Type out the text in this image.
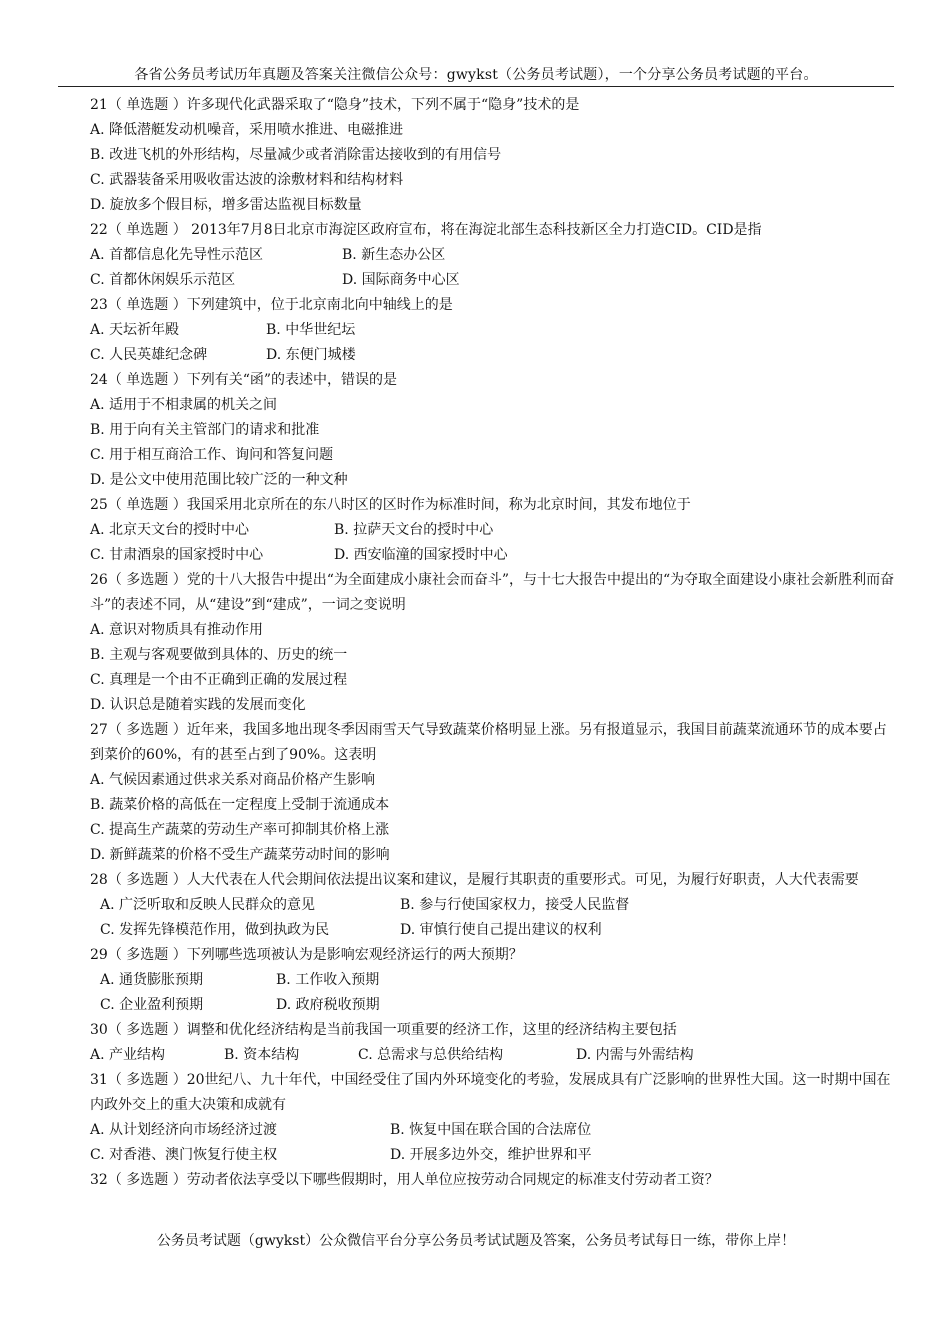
各省公务员考试历年真题及答案关注微信公众号：gwykst（公务员考试题），一个分享公务员考试题的平台。
21（ 单选题 ）许多现代化武器采取了“隐身”技术，下列不属于“隐身”技术的是
A. 降低潜艇发动机噪音，采用喷水推进、电磁推进
B. 改进飞机的外形结构，尽量减少或者消除雷达接收到的有用信号
C. 武器装备采用吸收雷达波的涂敷材料和结构材料
D. 旋放多个假目标，增多雷达监视目标数量
22（ 单选题 ） 2013年7月8日北京市海淀区政府宣布，将在海淀北部生态科技新区全力打造CID。CID是指
A. 首都信息化先导性示范区	B. 新生态办公区
C. 首都休闲娱乐示范区	D. 国际商务中心区
23（ 单选题 ）下列建筑中，位于北京南北向中轴线上的是
A. 天坛祈年殿	B. 中华世纪坛
C. 人民英雄纪念碑	D. 东便门城楼
24（ 单选题 ）下列有关“函”的表述中，错误的是
A. 适用于不相隶属的机关之间
B. 用于向有关主管部门的请求和批准
C. 用于相互商洽工作、询问和答复问题
D. 是公文中使用范围比较广泛的一种文种
25（ 单选题 ）我国采用北京所在的东八时区的区时作为标准时间，称为北京时间，其发布地位于
A. 北京天文台的授时中心	B. 拉萨天文台的授时中心
C. 甘肃酒泉的国家授时中心	D. 西安临潼的国家授时中心
26（ 多选题 ）党的十八大报告中提出“为全面建成小康社会而奋斗”，与十七大报告中提出的“为夺取全面建设小康社会新胜利而奋斗”的表述不同，从“建设”到“建成”，一词之变说明
A. 意识对物质具有推动作用
B. 主观与客观要做到具体的、历史的统一
C. 真理是一个由不正确到正确的发展过程
D. 认识总是随着实践的发展而变化
27（ 多选题 ）近年来，我国多地出现冬季因雨雪天气导致蔬菜价格明显上涨。另有报道显示，我国目前蔬菜流通环节的成本要占到菜价的60%，有的甚至占到了90%。这表明
A. 气候因素通过供求关系对商品价格产生影响
B. 蔬菜价格的高低在一定程度上受制于流通成本
C. 提高生产蔬菜的劳动生产率可抑制其价格上涨
D. 新鲜蔬菜的价格不受生产蔬菜劳动时间的影响
28（ 多选题 ）人大代表在人代会期间依法提出议案和建议，是履行其职责的重要形式。可见，为履行好职责，人大代表需要
A. 广泛听取和反映人民群众的意见	B. 参与行使国家权力，接受人民监督
C. 发挥先锋模范作用，做到执政为民	D. 审慎行使自己提出建议的权利
29（ 多选题 ）下列哪些选项被认为是影响宏观经济运行的两大预期？
A. 通货膨胀预期	B. 工作收入预期
C. 企业盈利预期	D. 政府税收预期
30（ 多选题 ）调整和优化经济结构是当前我国一项重要的经济工作，这里的经济结构主要包括
A. 产业结构	B. 资本结构	C. 总需求与总供给结构	D. 内需与外需结构
31（ 多选题 ）20世纪八、九十年代，中国经受住了国内外环境变化的考验，发展成具有广泛影响的世界性大国。这一时期中国在内政外交上的重大决策和成就有
A. 从计划经济向市场经济过渡	B. 恢复中国在联合国的合法席位
C. 对香港、澳门恢复行使主权	D. 开展多边外交，维护世界和平
32（ 多选题 ）劳动者依法享受以下哪些假期时，用人单位应按劳动合同规定的标准支付劳动者工资？
公务员考试题（gwykst）公众微信平台分享公务员考试试题及答案，公务员考试每日一练，带你上岸！
